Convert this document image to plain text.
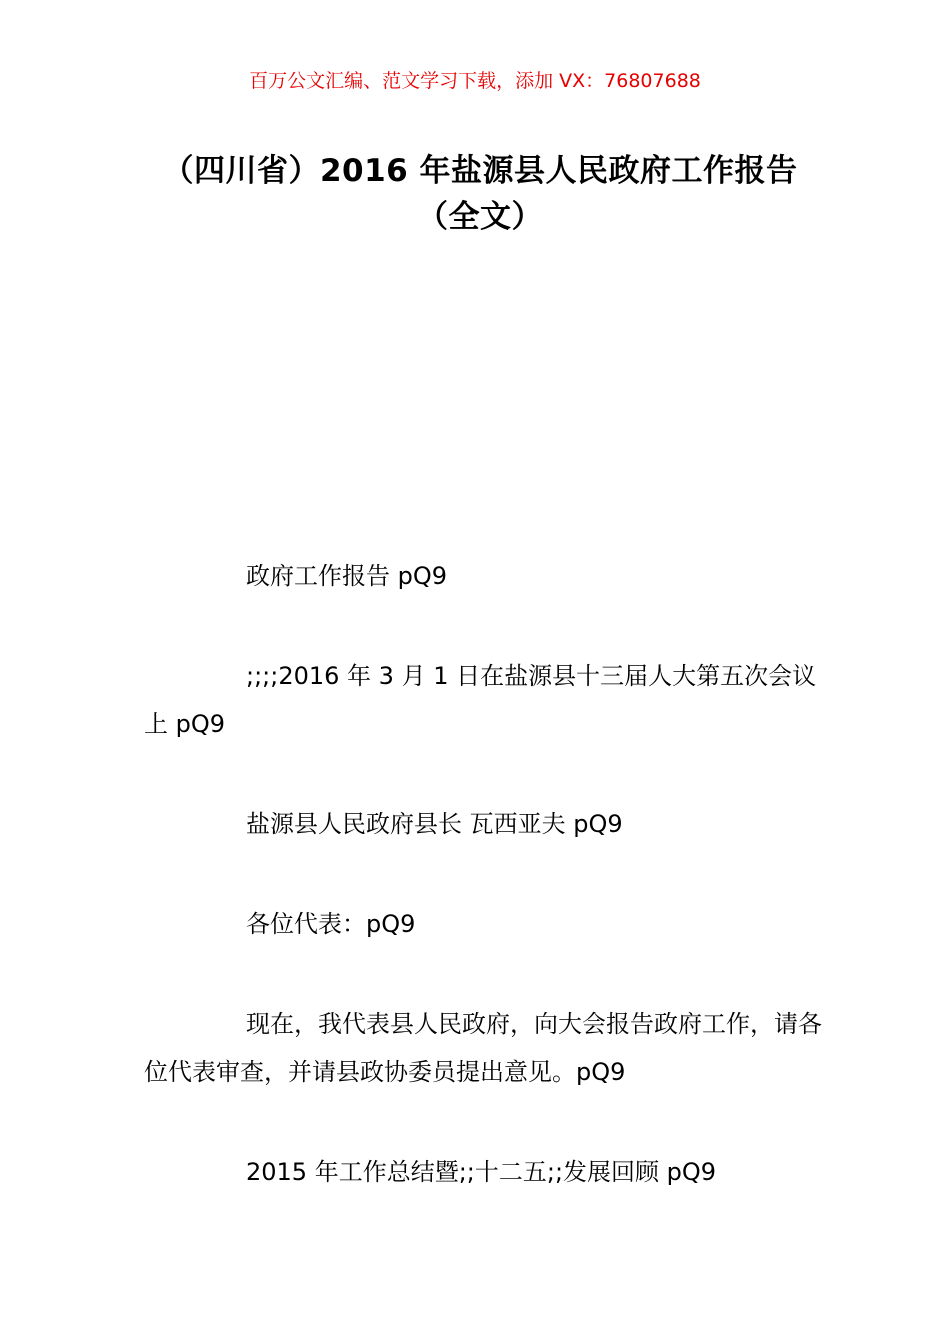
百万公文汇编、范文学习下载，添加 VX：76807688
（四川省）2016 年盐源县人民政府工作报告（全文）

政府工作报告 pQ9

;;;;2016 年 3 月 1 日在盐源县十三届人大第五次会议上 pQ9

盐源县人民政府县长 瓦西亚夫 pQ9

各位代表：pQ9

现在，我代表县人民政府，向大会报告政府工作，请各位代表审查，并请县政协委员提出意见。pQ9

2015 年工作总结暨;;十二五;;发展回顾 pQ9
